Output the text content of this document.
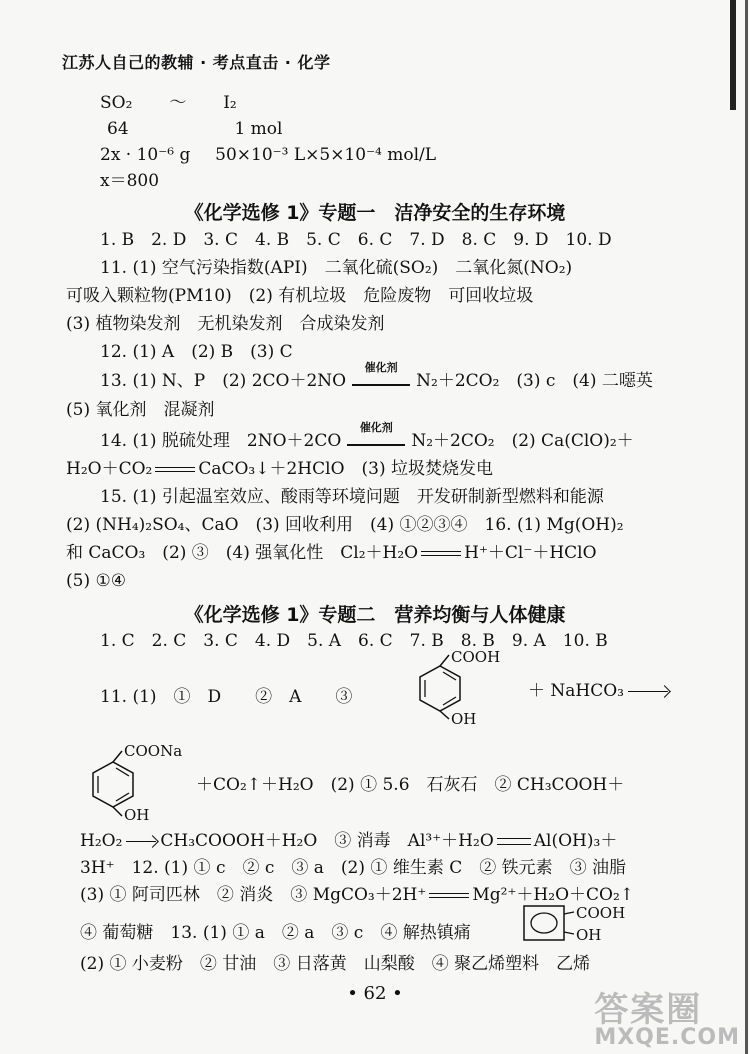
江苏人自己的教辅 · 考点直击 · 化学
SO₂ ～ I₂
64	1 mol
2x · 10⁻⁶ g 50×10⁻³ L×5×10⁻⁴ mol/L
x＝800
《化学选修 1》专题一　洁净安全的生存环境
1. B　2. D　3. C　4. B　5. C　6. C　7. D　8. C　9. D　10. D
11. (1) 空气污染指数(API)　二氧化硫(SO₂)　二氧化氮(NO₂)
可吸入颗粒物(PM10)　(2) 有机垃圾　危险废物　可回收垃圾
(3) 植物染发剂　无机染发剂　合成染发剂
12. (1) A　(2) B　(3) C
13. (1) N、P　(2) 2CO＋2NO
催化剂
N₂＋2CO₂　(3) c　(4) 二噁英
(5) 氧化剂　混凝剂
14. (1) 脱硫处理　2NO＋2CO
催化剂
N₂＋2CO₂　(2) Ca(ClO)₂＋
H₂O＋CO₂	CaCO₃↓＋2HClO　(3) 垃圾焚烧发电
15. (1) 引起温室效应、酸雨等环境问题　开发研制新型燃料和能源
(2) (NH₄)₂SO₄、CaO　(3) 回收利用　(4) ①②③④　16. (1) Mg(OH)₂
和 CaCO₃　(2) ③　(4) 强氧化性　Cl₂＋H₂O	H⁺＋Cl⁻＋HClO
(5) ①④
《化学选修 1》专题二　营养均衡与人体健康
1. C　2. C　3. C　4. D　5. A　6. C　7. B　8. B　9. A　10. B
11. (1)　①　D　　②　A　　③
COOH
OH
＋ NaHCO₃
COONa
OH
＋CO₂↑＋H₂O　(2) ① 5.6　石灰石　② CH₃COOH＋
H₂O₂ CH₃COOOH＋H₂O　③ 消毒　Al³⁺＋H₂O Al(OH)₃＋
3H⁺　12. (1) ① c　② c　③ a　(2) ① 维生素 C　② 铁元素　③ 油脂
(3) ① 阿司匹林　② 消炎　③ MgCO₃＋2H⁺	Mg²⁺＋H₂O＋CO₂↑
④ 葡萄糖　13. (1) ① a　② a　③ c　④ 解热镇痛
COOH
OH
(2) ① 小麦粉　② 甘油　③ 日落黄　山梨酸　④ 聚乙烯塑料　乙烯
• 62 •	答案圈
MXQE.COM
